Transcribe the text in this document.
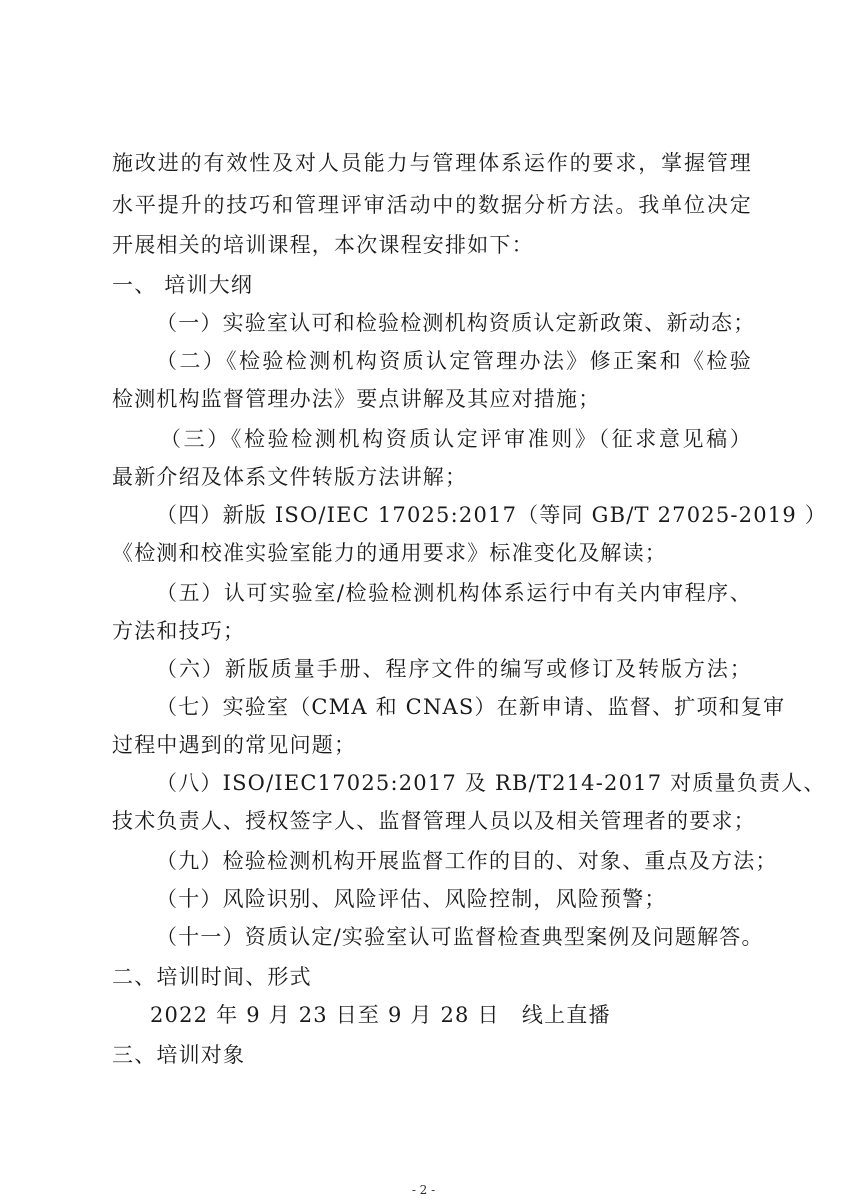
施改进的有效性及对人员能力与管理体系运作的要求，掌握管理
水平提升的技巧和管理评审活动中的数据分析方法。我单位决定
开展相关的培训课程，本次课程安排如下：
一、 培训大纲
（一）实验室认可和检验检测机构资质认定新政策、新动态；
（二）《检验检测机构资质认定管理办法》修正案和《检验
检测机构监督管理办法》要点讲解及其应对措施；
（三）《检验检测机构资质认定评审准则》（征求意见稿）
最新介绍及体系文件转版方法讲解；
（四）新版 ISO/IEC 17025:2017（等同 GB/T 27025-2019 ）
《检测和校准实验室能力的通用要求》标准变化及解读；
（五）认可实验室/检验检测机构体系运行中有关内审程序、
方法和技巧；
（六）新版质量手册、程序文件的编写或修订及转版方法；
（七）实验室（CMA 和 CNAS）在新申请、监督、扩项和复审
过程中遇到的常见问题；
（八）ISO/IEC17025:2017 及 RB/T214-2017 对质量负责人、
技术负责人、授权签字人、监督管理人员以及相关管理者的要求；
（九）检验检测机构开展监督工作的目的、对象、重点及方法；
（十）风险识别、风险评估、风险控制，风险预警；
（十一）资质认定/实验室认可监督检查典型案例及问题解答。
二、培训时间、形式
2022 年 9 月 23 日至 9 月 28 日　线上直播
三、培训对象
- 2 -
